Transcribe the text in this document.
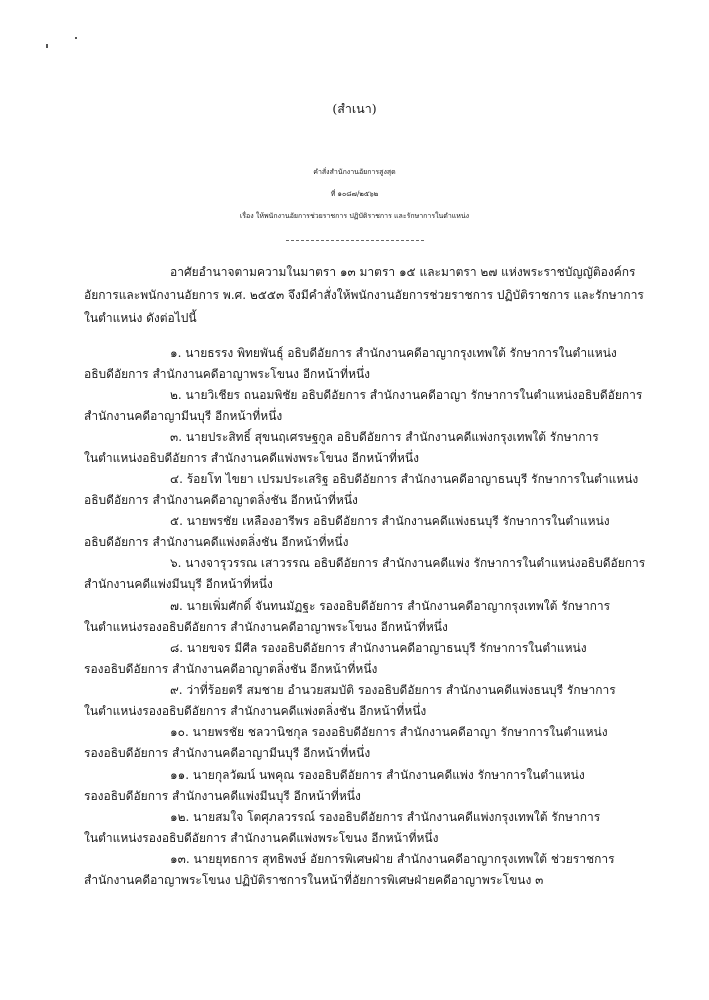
(สำเนา)
คำสั่งสำนักงานอัยการสูงสุด
ที่ ๑๐๘๗/๒๕๖๒
เรื่อง ให้พนักงานอัยการช่วยราชการ ปฏิบัติราชการ และรักษาการในตำแหน่ง
อาศัยอำนาจตามความในมาตรา ๑๓ มาตรา ๑๕ และมาตรา ๒๗ แห่งพระราชบัญญัติองค์กร
อัยการและพนักงานอัยการ พ.ศ. ๒๕๕๓ จึงมีคำสั่งให้พนักงานอัยการช่วยราชการ ปฏิบัติราชการ และรักษาการ
ในตำแหน่ง ดังต่อไปนี้
๑. นายธรรง พิทยพันธุ์ อธิบดีอัยการ สำนักงานคดีอาญากรุงเทพใต้ รักษาการในตำแหน่ง
อธิบดีอัยการ สำนักงานคดีอาญาพระโขนง อีกหน้าที่หนึ่ง
๒. นายวิเชียร ถนอมพิชัย อธิบดีอัยการ สำนักงานคดีอาญา รักษาการในตำแหน่งอธิบดีอัยการ
สำนักงานคดีอาญามีนบุรี อีกหน้าที่หนึ่ง
๓. นายประสิทธิ์ สุขนฤเศรษฐกูล อธิบดีอัยการ สำนักงานคดีแพ่งกรุงเทพใต้ รักษาการ
ในตำแหน่งอธิบดีอัยการ สำนักงานคดีแพ่งพระโขนง อีกหน้าที่หนึ่ง
๔. ร้อยโท ไขยา เปรมประเสริฐ อธิบดีอัยการ สำนักงานคดีอาญาธนบุรี รักษาการในตำแหน่ง
อธิบดีอัยการ สำนักงานคดีอาญาตลิ่งชัน อีกหน้าที่หนึ่ง
๕. นายพรชัย เหลืองอารีพร อธิบดีอัยการ สำนักงานคดีแพ่งธนบุรี รักษาการในตำแหน่ง
อธิบดีอัยการ สำนักงานคดีแพ่งตลิ่งชัน อีกหน้าที่หนึ่ง
๖. นางจารุวรรณ เสาวรรณ อธิบดีอัยการ สำนักงานคดีแพ่ง รักษาการในตำแหน่งอธิบดีอัยการ
สำนักงานคดีแพ่งมีนบุรี อีกหน้าที่หนึ่ง
๗. นายเพิ่มศักดิ์ จันทนมัฏฐะ รองอธิบดีอัยการ สำนักงานคดีอาญากรุงเทพใต้ รักษาการ
ในตำแหน่งรองอธิบดีอัยการ สำนักงานคดีอาญาพระโขนง อีกหน้าที่หนึ่ง
๘. นายขจร มีศีล รองอธิบดีอัยการ สำนักงานคดีอาญาธนบุรี รักษาการในตำแหน่ง
รองอธิบดีอัยการ สำนักงานคดีอาญาตลิ่งชัน อีกหน้าที่หนึ่ง
๙. ว่าที่ร้อยตรี สมชาย อำนวยสมบัติ รองอธิบดีอัยการ สำนักงานคดีแพ่งธนบุรี รักษาการ
ในตำแหน่งรองอธิบดีอัยการ สำนักงานคดีแพ่งตลิ่งชัน อีกหน้าที่หนึ่ง
๑๐. นายพรชัย ชลวานิชกุล รองอธิบดีอัยการ สำนักงานคดีอาญา รักษาการในตำแหน่ง
รองอธิบดีอัยการ สำนักงานคดีอาญามีนบุรี อีกหน้าที่หนึ่ง
๑๑. นายกุลวัฒน์ นพคุณ รองอธิบดีอัยการ สำนักงานคดีแพ่ง รักษาการในตำแหน่ง
รองอธิบดีอัยการ สำนักงานคดีแพ่งมีนบุรี อีกหน้าที่หนึ่ง
๑๒. นายสมใจ โตศุภลวรรณ์ รองอธิบดีอัยการ สำนักงานคดีแพ่งกรุงเทพใต้ รักษาการ
ในตำแหน่งรองอธิบดีอัยการ สำนักงานคดีแพ่งพระโขนง อีกหน้าที่หนึ่ง
๑๓. นายยุทธการ สุทธิพงษ์ อัยการพิเศษฝ่าย สำนักงานคดีอาญากรุงเทพใต้ ช่วยราชการ
สำนักงานคดีอาญาพระโขนง ปฏิบัติราชการในหน้าที่อัยการพิเศษฝ่ายคดีอาญาพระโขนง ๓
